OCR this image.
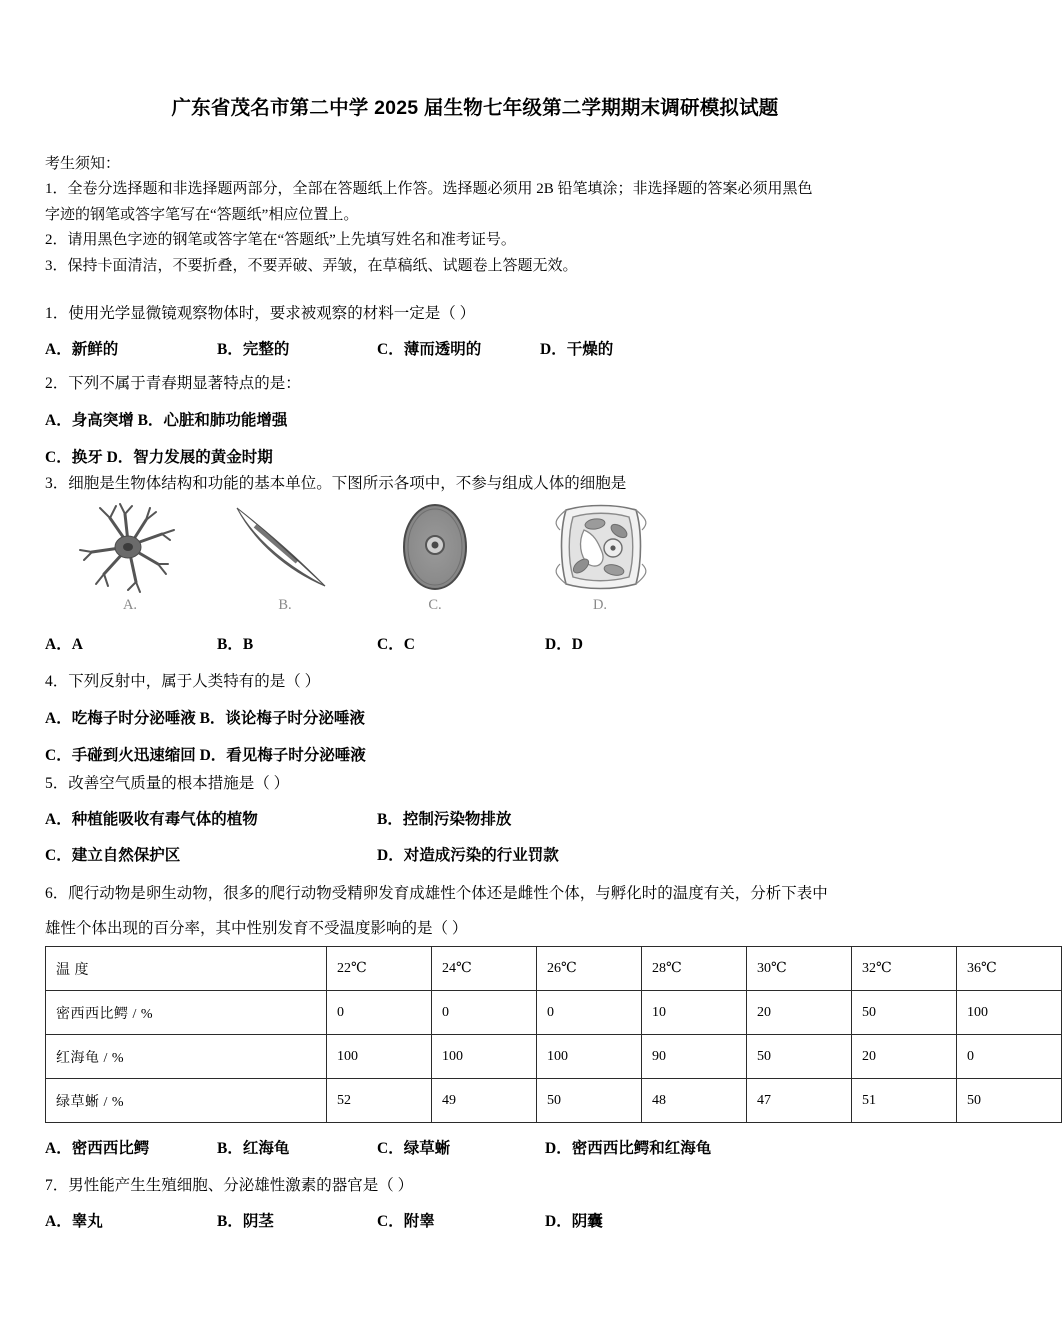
广东省茂名市第二中学 2025 届生物七年级第二学期期末调研模拟试题
考生须知：
1．全卷分选择题和非选择题两部分，全部在答题纸上作答。选择题必须用 2B 铅笔填涂；非选择题的答案必须用黑色
字迹的钢笔或答字笔写在“答题纸”相应位置上。
2．请用黑色字迹的钢笔或答字笔在“答题纸”上先填写姓名和准考证号。
3．保持卡面清洁，不要折叠，不要弄破、弄皱，在草稿纸、试题卷上答题无效。
1．使用光学显微镜观察物体时，要求被观察的材料一定是（ ）
A．新鲜的	B．完整的	C．薄而透明的	D．干燥的
2．下列不属于青春期显著特点的是：
A．身高突增 B．心脏和肺功能增强
C．换牙 D．智力发展的黄金时期
3．细胞是生物体结构和功能的基本单位。下图所示各项中，不参与组成人体的细胞是
A.	B.	C.	D.
A．A	B．B	C．C	D．D
4．下列反射中，属于人类特有的是（ ）
A．吃梅子时分泌唾液 B．谈论梅子时分泌唾液
C．手碰到火迅速缩回 D．看见梅子时分泌唾液
5．改善空气质量的根本措施是（ ）
A．种植能吸收有毒气体的植物	B．控制污染物排放
C．建立自然保护区	D．对造成污染的行业罚款
6．爬行动物是卵生动物，很多的爬行动物受精卵发育成雄性个体还是雌性个体，与孵化时的温度有关，分析下表中
雄性个体出现的百分率，其中性别发育不受温度影响的是（ ）
温 度	22℃	24℃	26℃	28℃	30℃	32℃	36℃
密西西比鳄 / %	0	0	0	10	20	50	100
红海龟 / %	100	100	100	90	50	20	0
绿草蜥 / %	52	49	50	48	47	51	50
A．密西西比鳄	B．红海龟	C．绿草蜥	D．密西西比鳄和红海龟
7．男性能产生生殖细胞、分泌雄性激素的器官是（ ）
A．睾丸	B．阴茎	C．附睾	D．阴囊
